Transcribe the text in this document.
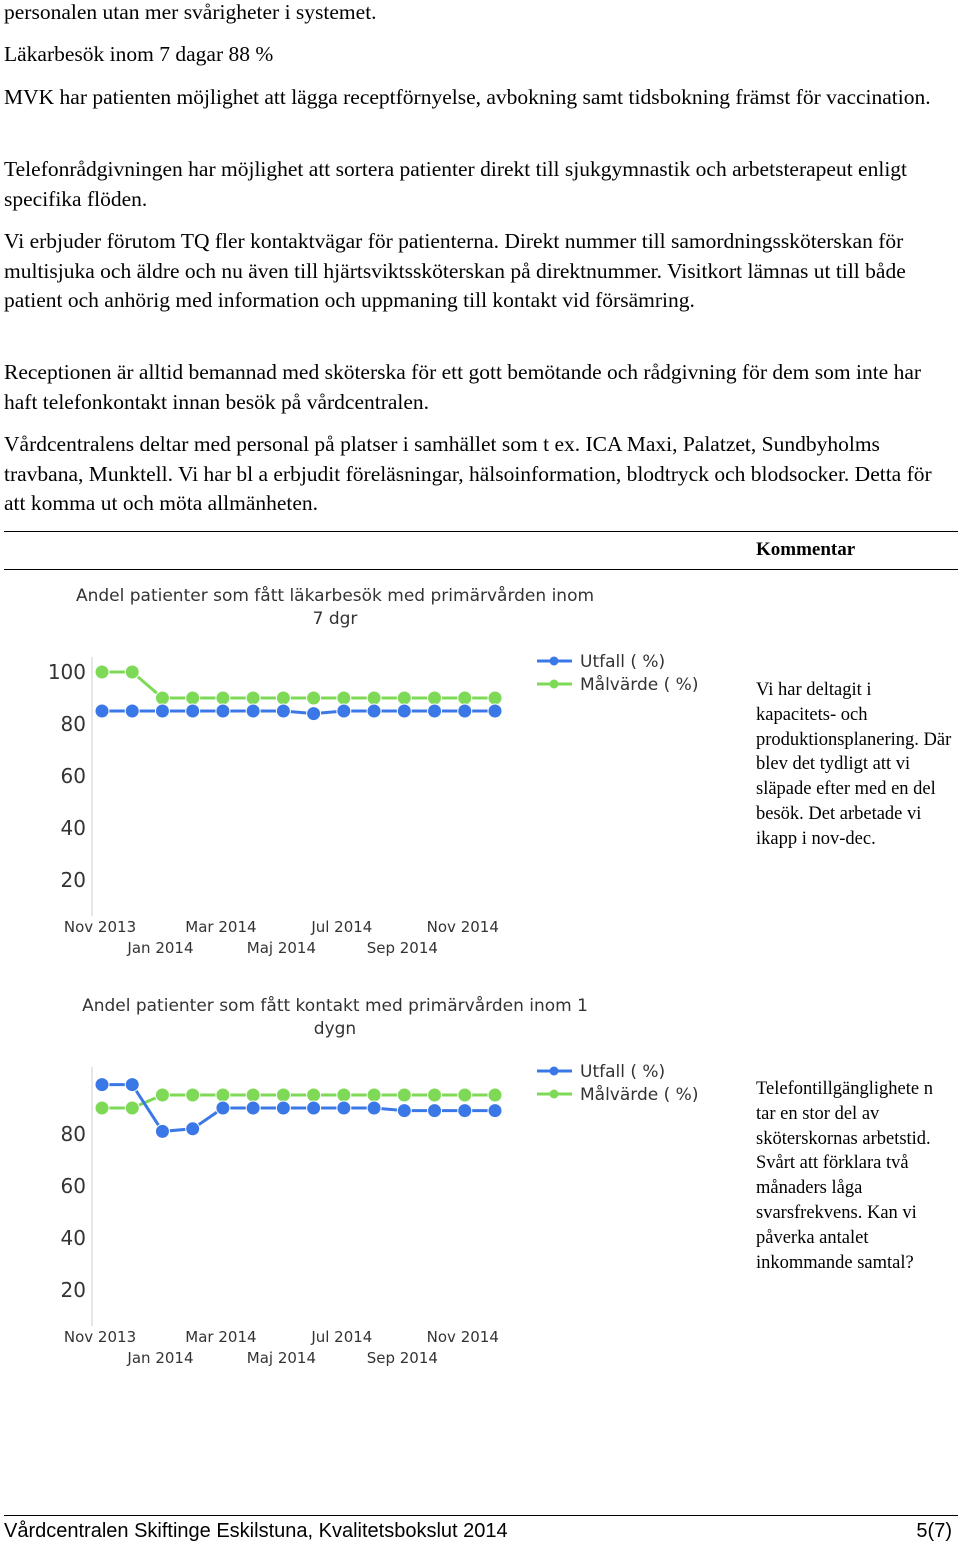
personalen utan mer svårigheter i systemet.

Läkarbesök inom 7 dagar 88 %

MVK har patienten möjlighet att lägga receptförnyelse, avbokning samt tidsbokning främst för vaccination.

Telefonrådgivningen har möjlighet att sortera patienter direkt till sjukgymnastik och arbetsterapeut enligt specifika flöden.

Vi erbjuder förutom TQ fler kontaktvägar för patienterna. Direkt nummer till samordningssköterskan för multisjuka och äldre och nu även till hjärtsviktssköterskan på direktnummer. Visitkort lämnas ut till både patient och anhörig med information och uppmaning till kontakt vid försämring.

Receptionen är alltid bemannad med sköterska för ett gott bemötande och rådgivning för dem som inte har haft telefonkontakt innan besök på vårdcentralen.

Vårdcentralens deltar med personal på platser i samhället som t ex. ICA Maxi, Palatzet, Sundbyholms travbana, Munktell. Vi har bl a erbjudit föreläsningar, hälsoinformation, blodtryck och blodsocker. Detta för att komma ut och möta allmänheten.

Kommentar
Andel patienter som fått läkarbesök med primärvården inom
7 dgr
20
40
60
80
100
Nov 2013	Mar 2014	Jul 2014	Nov 2014
Jan 2014	Maj 2014	Sep 2014
Utfall ( %)
Målvärde ( %)	Vi har deltagit i kapacitets- och produktionsplanering. Där blev det tydligt att vi släpade efter med en del besök. Det arbetade vi ikapp i nov-dec.

Andel patienter som fått kontakt med primärvården inom 1
dygn
20
40
60
80
Nov 2013	Mar 2014	Jul 2014	Nov 2014
Jan 2014	Maj 2014	Sep 2014
Utfall ( %)
Målvärde ( %)	Telefontillgänglighete n tar en stor del av sköterskornas arbetstid. Svårt att förklara två månaders låga svarsfrekvens. Kan vi påverka antalet inkommande samtal?

Vårdcentralen Skiftinge Eskilstuna, Kvalitetsbokslut 2014	5(7)
